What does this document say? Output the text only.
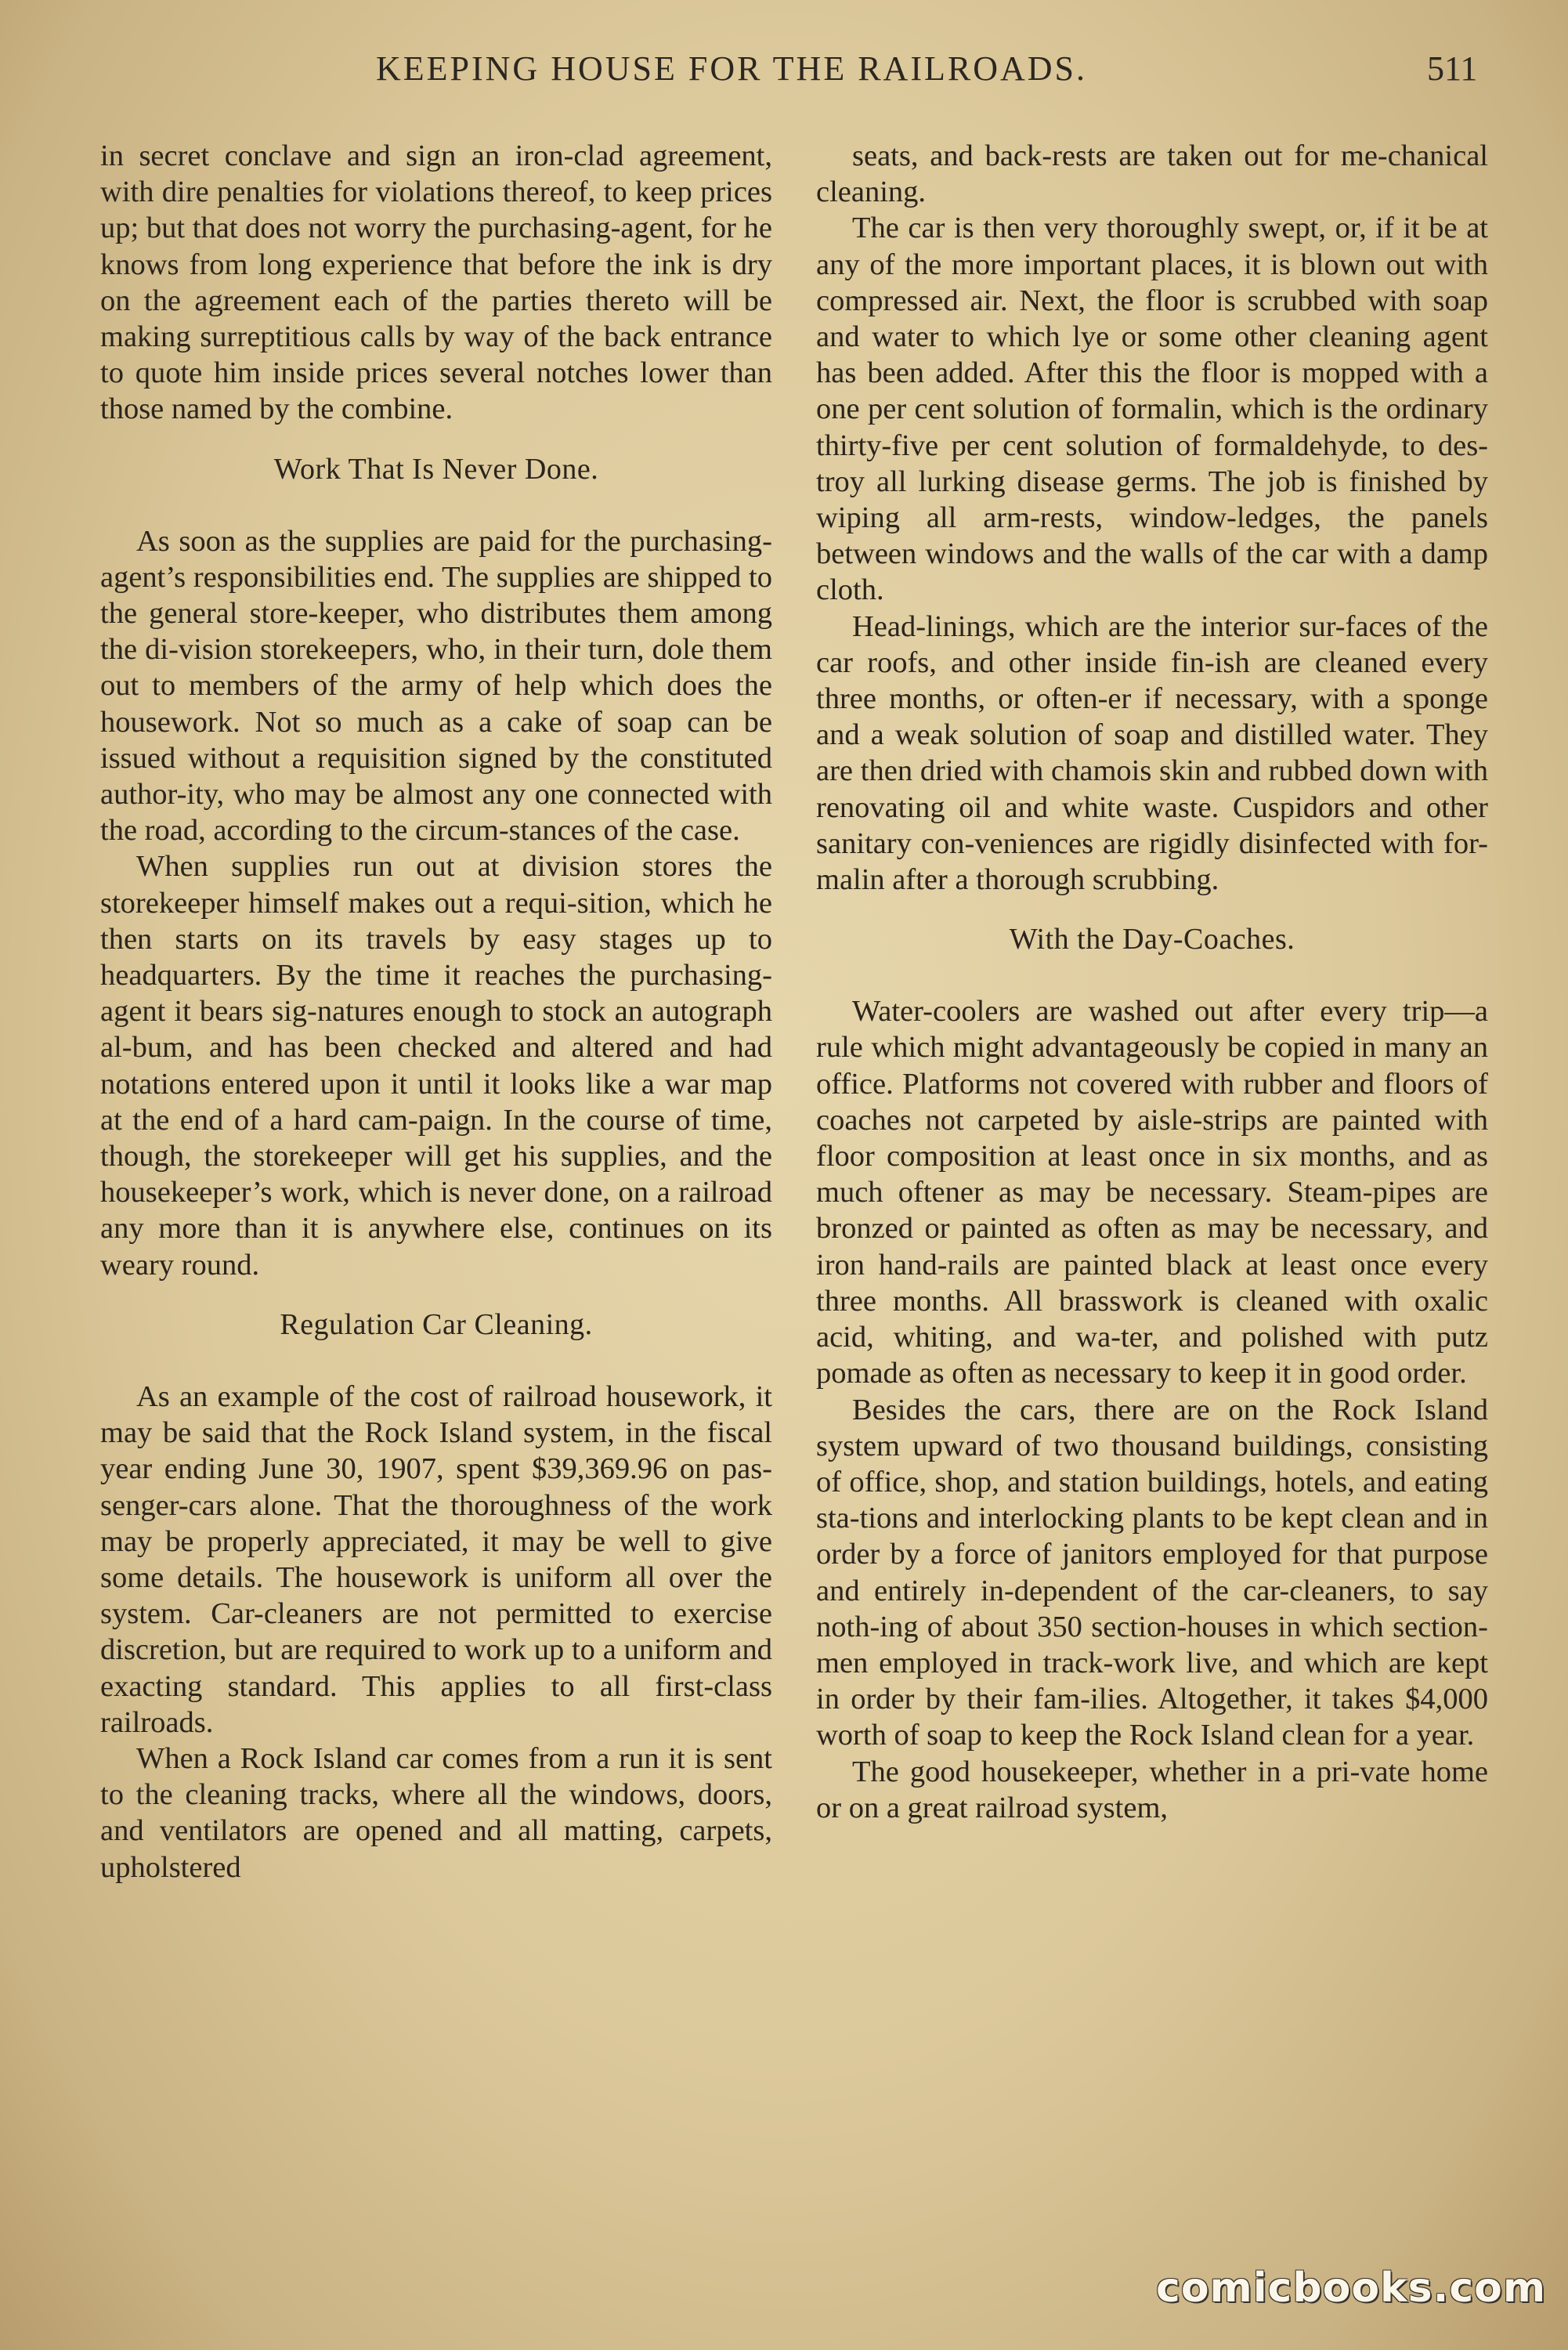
KEEPING HOUSE FOR THE RAILROADS.	511

in secret conclave and sign an iron-clad agreement, with dire penalties for violations thereof, to keep prices up; but that does not worry the purchasing-agent, for he knows from long experience that before the ink is dry on the agreement each of the parties thereto will be making surreptitious calls by way of the back entrance to quote him inside prices several notches lower than those named by the combine.

Work That Is Never Done.

As soon as the supplies are paid for the purchasing-agent’s responsibilities end. The supplies are shipped to the general store-keeper, who distributes them among the di-vision storekeepers, who, in their turn, dole them out to members of the army of help which does the housework. Not so much as a cake of soap can be issued without a requisition signed by the constituted author-ity, who may be almost any one connected with the road, according to the circum-stances of the case.

When supplies run out at division stores the storekeeper himself makes out a requi-sition, which he then starts on its travels by easy stages up to headquarters. By the time it reaches the purchasing-agent it bears sig-natures enough to stock an autograph al-bum, and has been checked and altered and had notations entered upon it until it looks like a war map at the end of a hard cam-paign. In the course of time, though, the storekeeper will get his supplies, and the housekeeper’s work, which is never done, on a railroad any more than it is anywhere else, continues on its weary round.

Regulation Car Cleaning.

As an example of the cost of railroad housework, it may be said that the Rock Island system, in the fiscal year ending June 30, 1907, spent $39,369.96 on pas-senger-cars alone. That the thoroughness of the work may be properly appreciated, it may be well to give some details. The housework is uniform all over the system. Car-cleaners are not permitted to exercise discretion, but are required to work up to a uniform and exacting standard. This applies to all first-class railroads.

When a Rock Island car comes from a run it is sent to the cleaning tracks, where all the windows, doors, and ventilators are opened and all matting, carpets, upholstered

seats, and back-rests are taken out for me-chanical cleaning.

The car is then very thoroughly swept, or, if it be at any of the more important places, it is blown out with compressed air. Next, the floor is scrubbed with soap and water to which lye or some other cleaning agent has been added. After this the floor is mopped with a one per cent solution of formalin, which is the ordinary thirty-five per cent solution of formaldehyde, to des-troy all lurking disease germs. The job is finished by wiping all arm-rests, window-ledges, the panels between windows and the walls of the car with a damp cloth.

Head-linings, which are the interior sur-faces of the car roofs, and other inside fin-ish are cleaned every three months, or often-er if necessary, with a sponge and a weak solution of soap and distilled water. They are then dried with chamois skin and rubbed down with renovating oil and white waste. Cuspidors and other sanitary con-veniences are rigidly disinfected with for-malin after a thorough scrubbing.

With the Day-Coaches.

Water-coolers are washed out after every trip—a rule which might advantageously be copied in many an office. Platforms not covered with rubber and floors of coaches not carpeted by aisle-strips are painted with floor composition at least once in six months, and as much oftener as may be necessary. Steam-pipes are bronzed or painted as often as may be necessary, and iron hand-rails are painted black at least once every three months. All brasswork is cleaned with oxalic acid, whiting, and wa-ter, and polished with putz pomade as often as necessary to keep it in good order.

Besides the cars, there are on the Rock Island system upward of two thousand buildings, consisting of office, shop, and station buildings, hotels, and eating sta-tions and interlocking plants to be kept clean and in order by a force of janitors employed for that purpose and entirely in-dependent of the car-cleaners, to say noth-ing of about 350 section-houses in which section-men employed in track-work live, and which are kept in order by their fam-ilies. Altogether, it takes $4,000 worth of soap to keep the Rock Island clean for a year.

The good housekeeper, whether in a pri-vate home or on a great railroad system,

comicbooks.com
